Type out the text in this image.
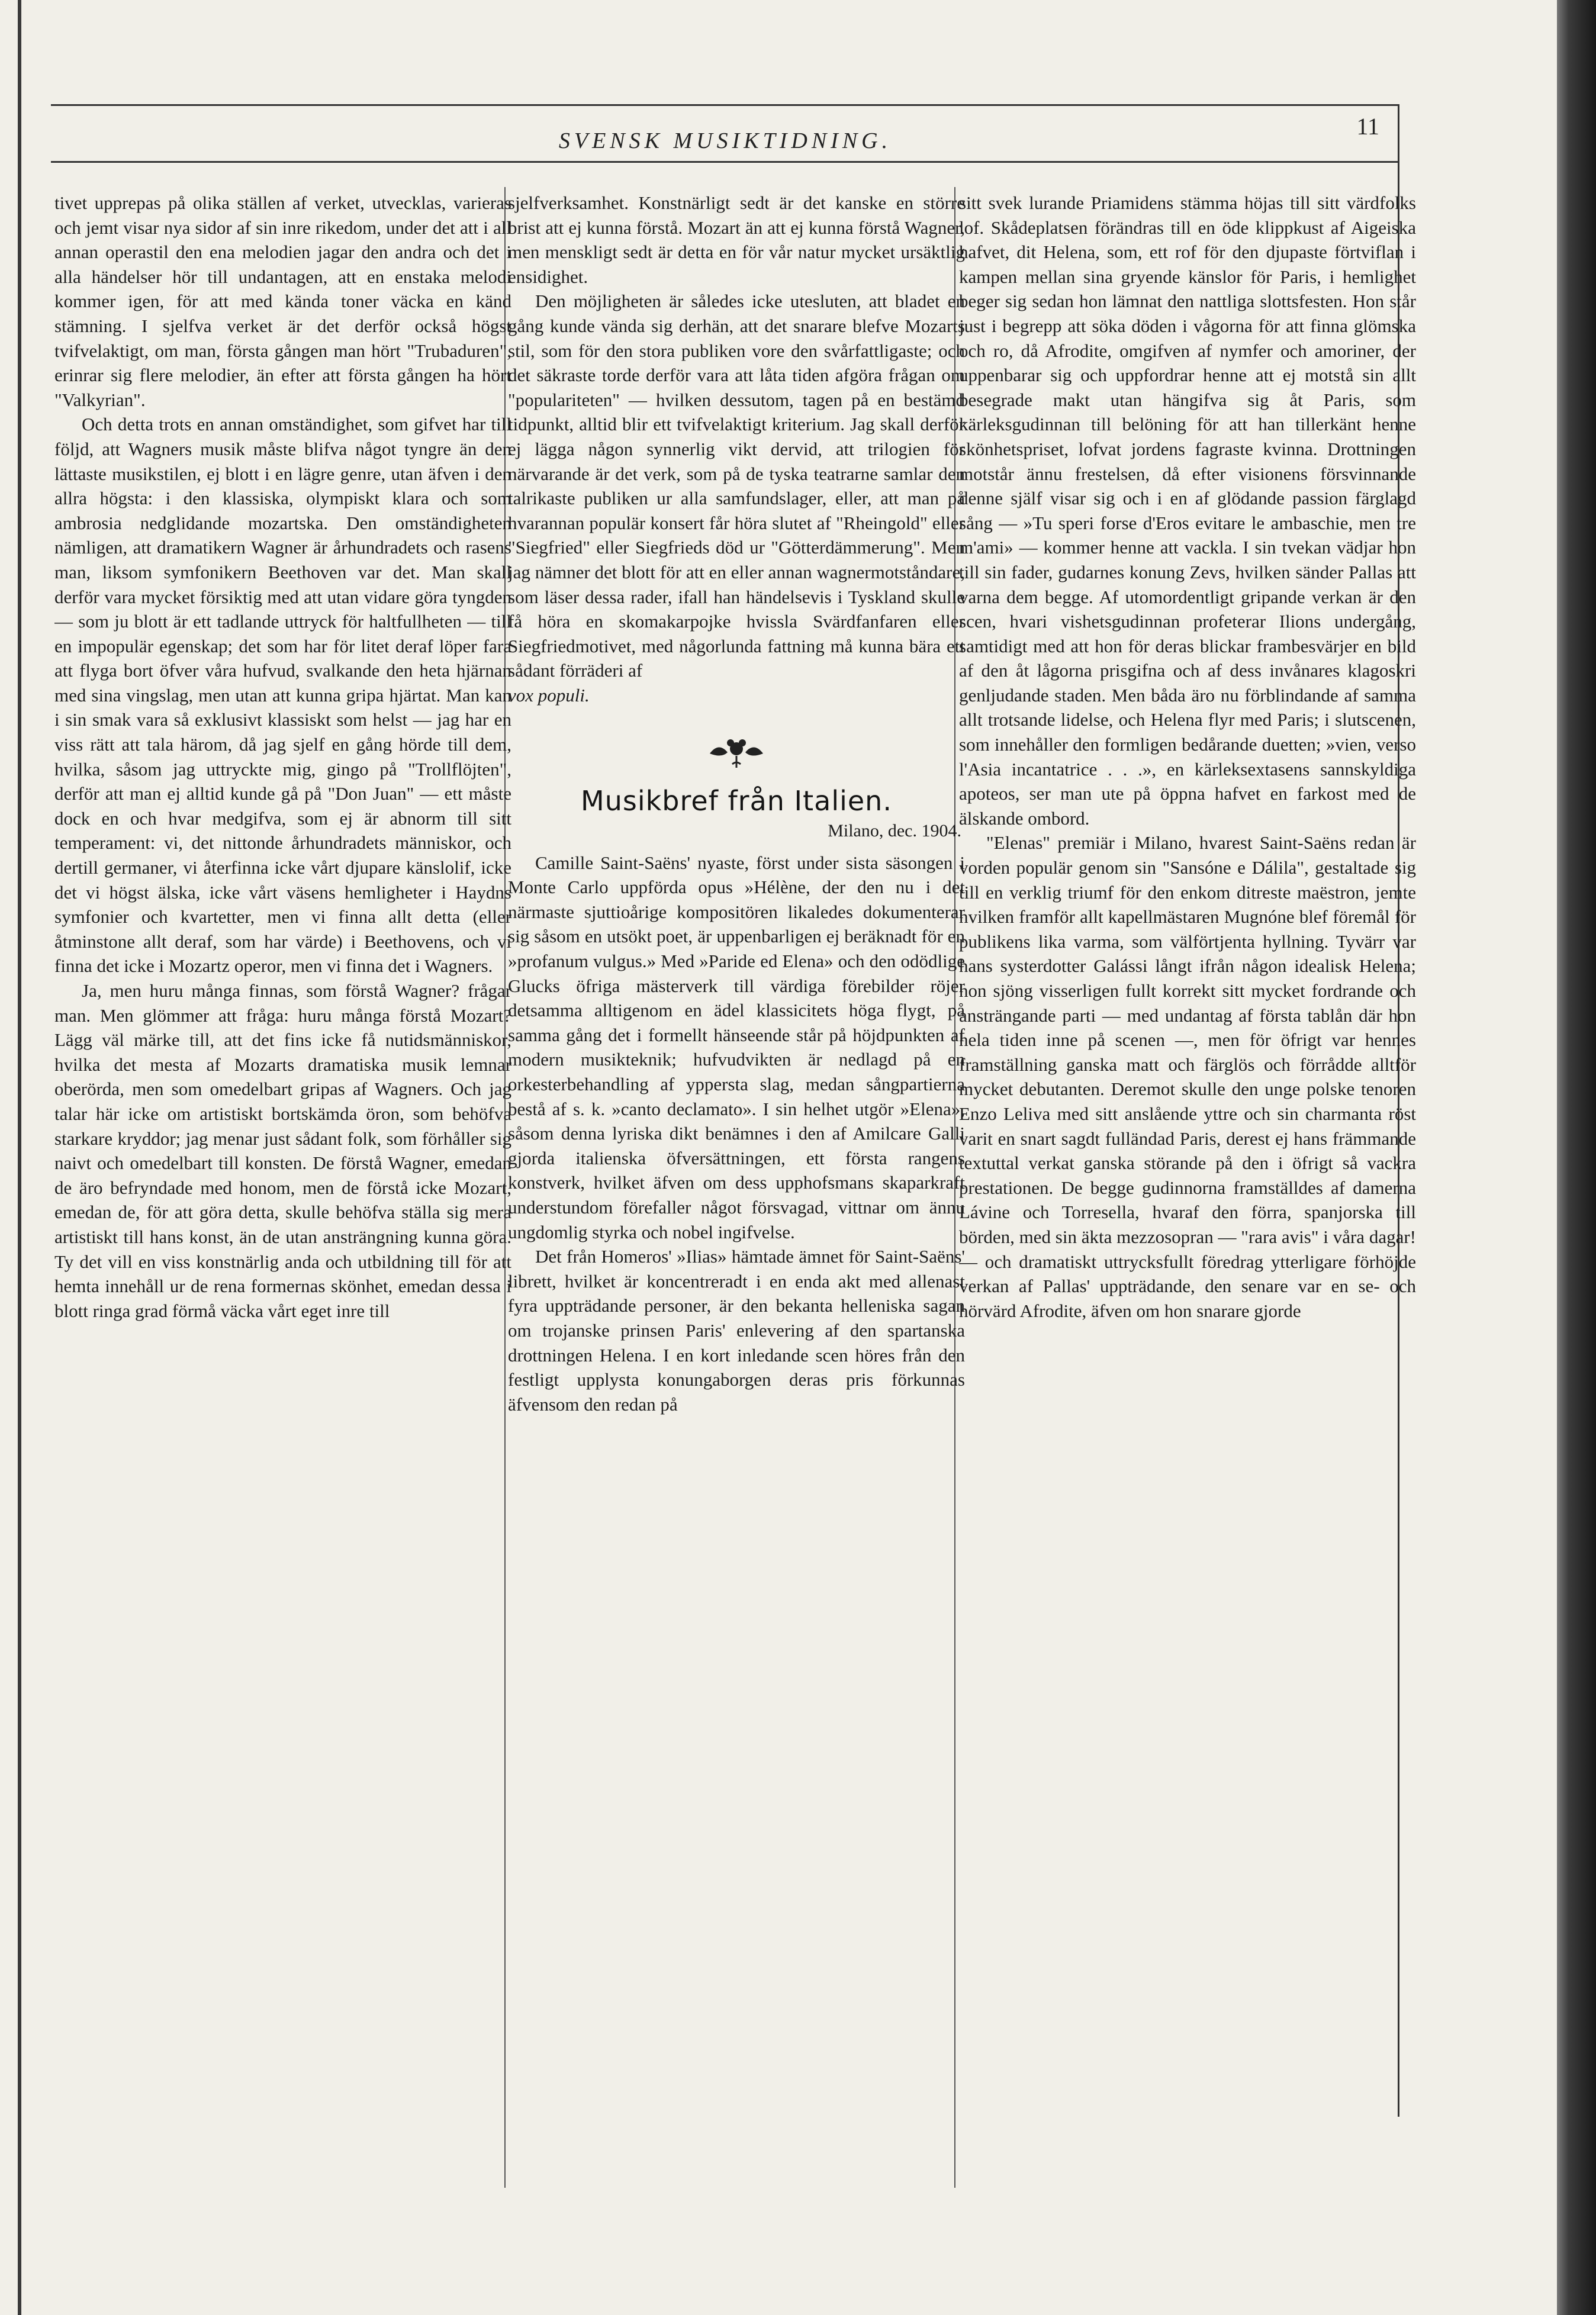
SVENSK MUSIKTIDNING.
11

tivet upprepas på olika ställen af verket, utvecklas, varieras och jemt visar nya sidor af sin inre rikedom, under det att i all annan operastil den ena melodien jagar den andra och det i alla händelser hör till undantagen, att en enstaka melodi kommer igen, för att med kända toner väcka en känd stämning. I sjelfva verket är det derför också högst tvifvelaktigt, om man, första gången man hört "Trubaduren", erinrar sig flere melodier, än efter att första gången ha hört "Valkyrian".

Och detta trots en annan omständighet, som gifvet har till följd, att Wagners musik måste blifva något tyngre än den lättaste musikstilen, ej blott i en lägre genre, utan äfven i den allra högsta: i den klassiska, olympiskt klara och som ambrosia nedglidande mozartska. Den omständigheten nämligen, att dramatikern Wagner är århundradets och rasens man, liksom symfonikern Beethoven var det. Man skall derför vara mycket försiktig med att utan vidare göra tyngden — som ju blott är ett tadlande uttryck för haltfullheten — till en impopulär egenskap; det som har för litet deraf löper fara att flyga bort öfver våra hufvud, svalkande den heta hjärnan med sina vingslag, men utan att kunna gripa hjärtat. Man kan i sin smak vara så exklusivt klassiskt som helst — jag har en viss rätt att tala härom, då jag sjelf en gång hörde till dem, hvilka, såsom jag uttryckte mig, gingo på "Trollflöjten", derför att man ej alltid kunde gå på "Don Juan" — ett måste dock en och hvar medgifva, som ej är abnorm till sitt temperament: vi, det nittonde århundradets människor, och dertill germaner, vi återfinna icke vårt djupare känslolif, icke det vi högst älska, icke vårt väsens hemligheter i Haydns symfonier och kvartetter, men vi finna allt detta (eller åtminstone allt deraf, som har värde) i Beethovens, och vi finna det icke i Mozartz operor, men vi finna det i Wagners.

Ja, men huru många finnas, som förstå Wagner? frågar man. Men glömmer att fråga: huru många förstå Mozart? Lägg väl märke till, att det fins icke få nutidsmänniskor, hvilka det mesta af Mozarts dramatiska musik lemnar oberörda, men som omedelbart gripas af Wagners. Och jag talar här icke om artistiskt bortskämda öron, som behöfva starkare kryddor; jag menar just sådant folk, som förhåller sig naivt och omedelbart till konsten. De förstå Wagner, emedan de äro befryndade med honom, men de förstå icke Mozart, emedan de, för att göra detta, skulle behöfva ställa sig mera artistiskt till hans konst, än de utan ansträngning kunna göra. Ty det vill en viss konstnärlig anda och utbildning till för att hemta innehåll ur de rena formernas skönhet, emedan dessa i blott ringa grad förmå väcka vårt eget inre till

sjelfverksamhet. Konstnärligt sedt är det kanske en större brist att ej kunna förstå. Mozart än att ej kunna förstå Wagner, men menskligt sedt är detta en för vår natur mycket ursäktlig ensidighet.

Den möjligheten är således icke utesluten, att bladet en gång kunde vända sig derhän, att det snarare blefve Mozarts stil, som för den stora publiken vore den svårfattligaste; och det säkraste torde derför vara att låta tiden afgöra frågan om "populariteten" — hvilken dessutom, tagen på en bestämd tidpunkt, alltid blir ett tvifvelaktigt kriterium. Jag skall derför ej lägga någon synnerlig vikt dervid, att trilogien för närvarande är det verk, som på de tyska teatrarne samlar den talrikaste publiken ur alla samfundslager, eller, att man på hvarannan populär konsert får höra slutet af "Rheingold" eller "Siegfried" eller Siegfrieds död ur "Götterdämmerung". Men jag nämner det blott för att en eller annan wagnermotståndare, som läser dessa rader, ifall han händelsevis i Tyskland skulle få höra en skomakarpojke hvissla Svärdfanfaren eller Siegfriedmotivet, med någorlunda fattning må kunna bära ett sådant förräderi af

vox populi.

Musikbref från Italien.
Milano, dec. 1904.

Camille Saint-Saëns' nyaste, först under sista säsongen i Monte Carlo uppförda opus »Hélène, der den nu i det närmaste sjuttioårige kompositören likaledes dokumenterar sig såsom en utsökt poet, är uppenbarligen ej beräknadt för en »profanum vulgus.» Med »Paride ed Elena» och den odödlige Glucks öfriga mästerverk till värdiga förebilder röjer detsamma alltigenom en ädel klassicitets höga flygt, på samma gång det i formellt hänseende står på höjdpunkten af modern musikteknik; hufvudvikten är nedlagd på en orkesterbehandling af yppersta slag, medan sångpartierna bestå af s. k. »canto declamato». I sin helhet utgör »Elena», såsom denna lyriska dikt benämnes i den af Amilcare Galli gjorda italienska öfversättningen, ett första rangens konstverk, hvilket äfven om dess upphofsmans skaparkraft understundom förefaller något försvagad, vittnar om ännu ungdomlig styrka och nobel ingifvelse.

Det från Homeros' »Ilias» hämtade ämnet för Saint-Saëns' librett, hvilket är koncentreradt i en enda akt med allenast fyra uppträdande personer, är den bekanta helleniska sagan om trojanske prinsen Paris' enlevering af den spartanska drottningen Helena. I en kort inledande scen höres från den festligt upplysta konungaborgen deras pris förkunnas äfvensom den redan på

sitt svek lurande Priamidens stämma höjas till sitt värdfolks lof. Skådeplatsen förändras till en öde klippkust af Aigeiska hafvet, dit Helena, som, ett rof för den djupaste förtviflan i kampen mellan sina gryende känslor för Paris, i hemlighet beger sig sedan hon lämnat den nattliga slottsfesten. Hon står just i begrepp att söka döden i vågorna för att finna glömska och ro, då Afrodite, omgifven af nymfer och amoriner, der uppenbarar sig och uppfordrar henne att ej motstå sin allt besegrade makt utan hängifva sig åt Paris, som kärleksgudinnan till belöning för att han tillerkänt henne skönhetspriset, lofvat jordens fagraste kvinna. Drottningen motstår ännu frestelsen, då efter visionens försvinnande denne själf visar sig och i en af glödande passion färglagd sång — »Tu speri forse d'Eros evitare le ambaschie, men tre m'ami» — kommer henne att vackla. I sin tvekan vädjar hon till sin fader, gudarnes konung Zevs, hvilken sänder Pallas att varna dem begge. Af utomordentligt gripande verkan är den scen, hvari vishetsgudinnan profeterar Ilions undergång, samtidigt med att hon för deras blickar frambesvärjer en bild af den åt lågorna prisgifna och af dess invånares klagoskri genljudande staden. Men båda äro nu förblindande af samma allt trotsande lidelse, och Helena flyr med Paris; i slutscenen, som innehåller den formligen bedårande duetten; »vien, verso l'Asia incantatrice . . .», en kärleksextasens sannskyldiga apoteos, ser man ute på öppna hafvet en farkost med de älskande ombord.

"Elenas" premiär i Milano, hvarest Saint-Saëns redan är vorden populär genom sin "Sansóne e Dálila", gestaltade sig till en verklig triumf för den enkom ditreste maëstron, jemte hvilken framför allt kapellmästaren Mugnóne blef föremål för publikens lika varma, som välförtjenta hyllning. Tyvärr var hans systerdotter Galássi långt ifrån någon idealisk Helena; hon sjöng visserligen fullt korrekt sitt mycket fordrande och ansträngande parti — med undantag af första tablån där hon hela tiden inne på scenen —, men för öfrigt var hennes framställning ganska matt och färglös och förrådde alltför mycket debutanten. Deremot skulle den unge polske tenoren Enzo Leliva med sitt anslående yttre och sin charmanta röst varit en snart sagdt fulländad Paris, derest ej hans främmande textuttal verkat ganska störande på den i öfrigt så vackra prestationen. De begge gudinnorna framställdes af damerna Lávine och Torresella, hvaraf den förra, spanjorska till börden, med sin äkta mezzosopran — "rara avis" i våra dagar! — och dramatiskt uttrycksfullt föredrag ytterligare förhöjde verkan af Pallas' uppträdande, den senare var en se- och hörvärd Afrodite, äfven om hon snarare gjorde
